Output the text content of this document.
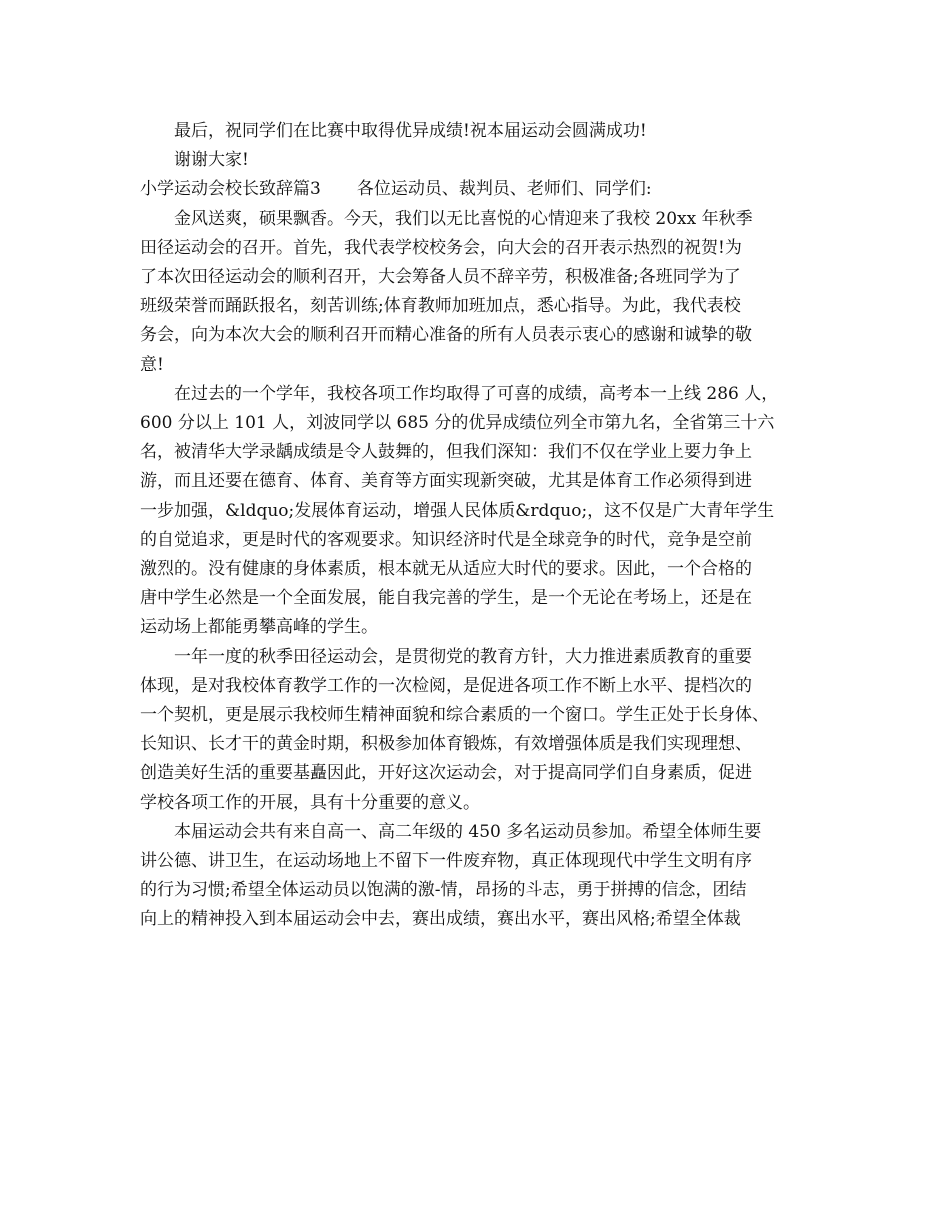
最后，祝同学们在比赛中取得优异成绩!祝本届运动会圆满成功!
谢谢大家!
小学运动会校长致辞篇3 各位运动员、裁判员、老师们、同学们:
金风送爽，硕果飘香。今天，我们以无比喜悦的心情迎来了我校 20xx 年秋季
田径运动会的召开。首先，我代表学校校务会，向大会的召开表示热烈的祝贺!为
了本次田径运动会的顺利召开，大会筹备人员不辞辛劳，积极准备;各班同学为了
班级荣誉而踊跃报名，刻苦训练;体育教师加班加点，悉心指导。为此，我代表校
务会，向为本次大会的顺利召开而精心准备的所有人员表示衷心的感谢和诚挚的敬
意!
在过去的一个学年，我校各项工作均取得了可喜的成绩，高考本一上线 286 人，
600 分以上 101 人，刘波同学以 685 分的优异成绩位列全市第九名，全省第三十六
名，被清华大学录龋成绩是令人鼓舞的，但我们深知：我们不仅在学业上要力争上
游，而且还要在德育、体育、美育等方面实现新突破，尤其是体育工作必须得到进
一步加强，&ldquo;发展体育运动，增强人民体质&rdquo;，这不仅是广大青年学生
的自觉追求，更是时代的客观要求。知识经济时代是全球竞争的时代，竞争是空前
激烈的。没有健康的身体素质，根本就无从适应大时代的要求。因此，一个合格的
唐中学生必然是一个全面发展，能自我完善的学生，是一个无论在考场上，还是在
运动场上都能勇攀高峰的学生。
一年一度的秋季田径运动会，是贯彻党的教育方针，大力推进素质教育的重要
体现，是对我校体育教学工作的一次检阅，是促进各项工作不断上水平、提档次的
一个契机，更是展示我校师生精神面貌和综合素质的一个窗口。学生正处于长身体、
长知识、长才干的黄金时期，积极参加体育锻炼，有效增强体质是我们实现理想、
创造美好生活的重要基矗因此，开好这次运动会，对于提高同学们自身素质，促进
学校各项工作的开展，具有十分重要的意义。
本届运动会共有来自高一、高二年级的 450 多名运动员参加。希望全体师生要
讲公德、讲卫生，在运动场地上不留下一件废弃物，真正体现现代中学生文明有序
的行为习惯;希望全体运动员以饱满的激-情，昂扬的斗志，勇于拼搏的信念，团结
向上的精神投入到本届运动会中去，赛出成绩，赛出水平，赛出风格;希望全体裁
